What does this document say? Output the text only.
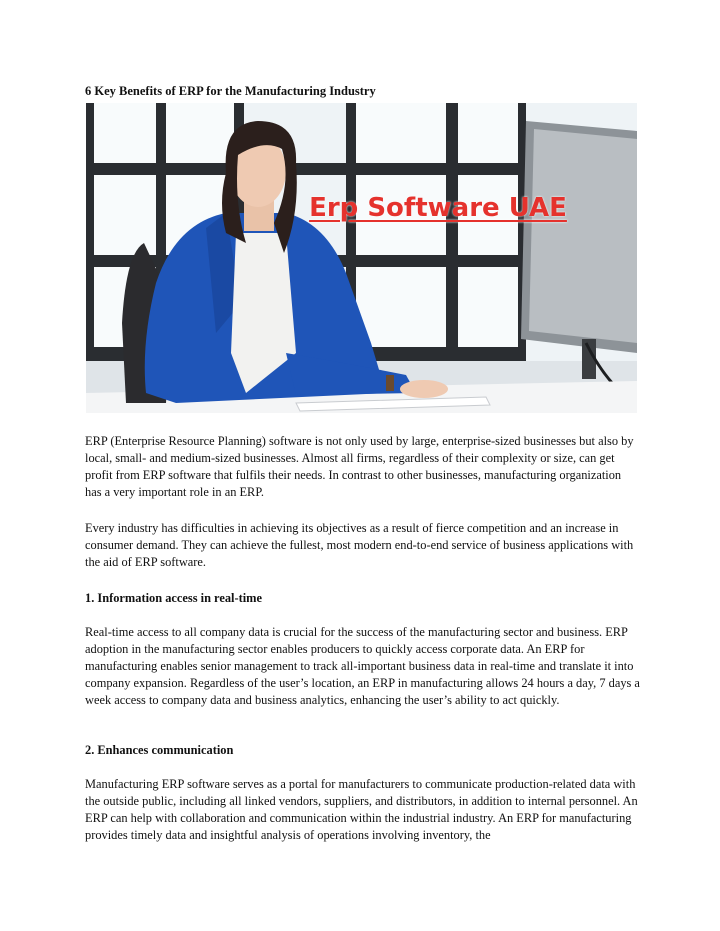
6 Key Benefits of ERP for the Manufacturing Industry
Erp Software UAE

ERP (Enterprise Resource Planning) software is not only used by large, enterprise-sized businesses but also by local, small- and medium-sized businesses. Almost all firms, regardless of their complexity or size, can get profit from ERP software that fulfils their needs. In contrast to other businesses, manufacturing organization has a very important role in an ERP.

Every industry has difficulties in achieving its objectives as a result of fierce competition and an increase in consumer demand. They can achieve the fullest, most modern end-to-end service of business applications with the aid of ERP software.

1. Information access in real-time

Real-time access to all company data is crucial for the success of the manufacturing sector and business. ERP adoption in the manufacturing sector enables producers to quickly access corporate data. An ERP for manufacturing enables senior management to track all-important business data in real-time and translate it into company expansion. Regardless of the user’s location, an ERP in manufacturing allows 24 hours a day, 7 days a week access to company data and business analytics, enhancing the user’s ability to act quickly.

2. Enhances communication

Manufacturing ERP software serves as a portal for manufacturers to communicate production-related data with the outside public, including all linked vendors, suppliers, and distributors, in addition to internal personnel. An ERP can help with collaboration and communication within the industrial industry. An ERP for manufacturing provides timely data and insightful analysis of operations involving inventory, the
